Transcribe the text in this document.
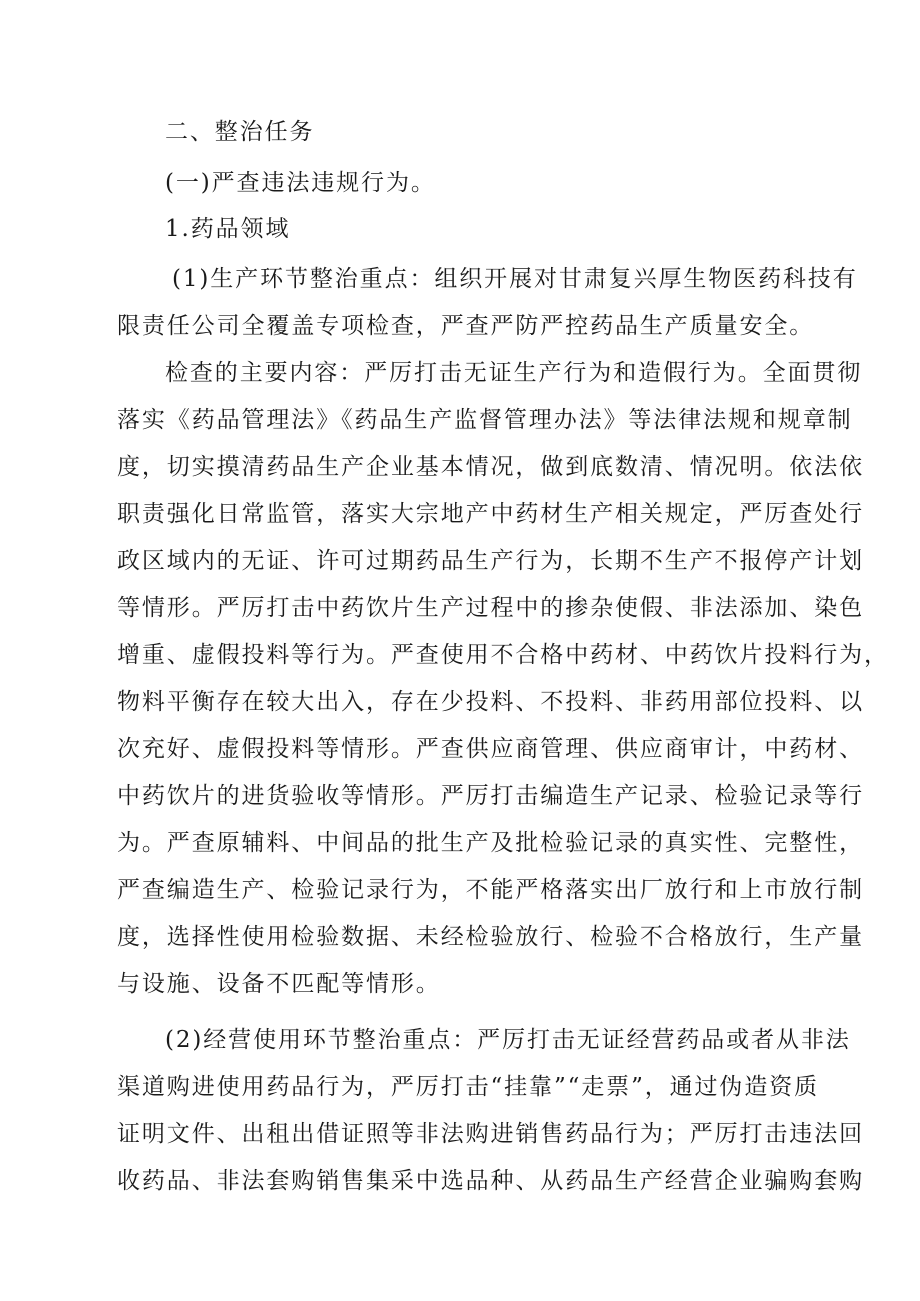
二、整治任务
(一)严查违法违规行为。
1.药品领域
(1)生产环节整治重点：组织开展对甘肃复兴厚生物医药科技有
限责任公司全覆盖专项检查，严查严防严控药品生产质量安全。
检查的主要内容：严厉打击无证生产行为和造假行为。全面贯彻
落实《药品管理法》《药品生产监督管理办法》等法律法规和规章制
度，切实摸清药品生产企业基本情况，做到底数清、情况明。依法依
职责强化日常监管，落实大宗地产中药材生产相关规定，严厉查处行
政区域内的无证、许可过期药品生产行为，长期不生产不报停产计划
等情形。严厉打击中药饮片生产过程中的掺杂使假、非法添加、染色
增重、虚假投料等行为。严查使用不合格中药材、中药饮片投料行为，
物料平衡存在较大出入，存在少投料、不投料、非药用部位投料、以
次充好、虚假投料等情形。严查供应商管理、供应商审计，中药材、
中药饮片的进货验收等情形。严厉打击编造生产记录、检验记录等行
为。严查原辅料、中间品的批生产及批检验记录的真实性、完整性，
严查编造生产、检验记录行为，不能严格落实出厂放行和上市放行制
度，选择性使用检验数据、未经检验放行、检验不合格放行，生产量
与设施、设备不匹配等情形。
(2)经营使用环节整治重点：严厉打击无证经营药品或者从非法
渠道购进使用药品行为，严厉打击“挂靠”“走票”，通过伪造资质
证明文件、出租出借证照等非法购进销售药品行为；严厉打击违法回
收药品、非法套购销售集采中选品种、从药品生产经营企业骗购套购
